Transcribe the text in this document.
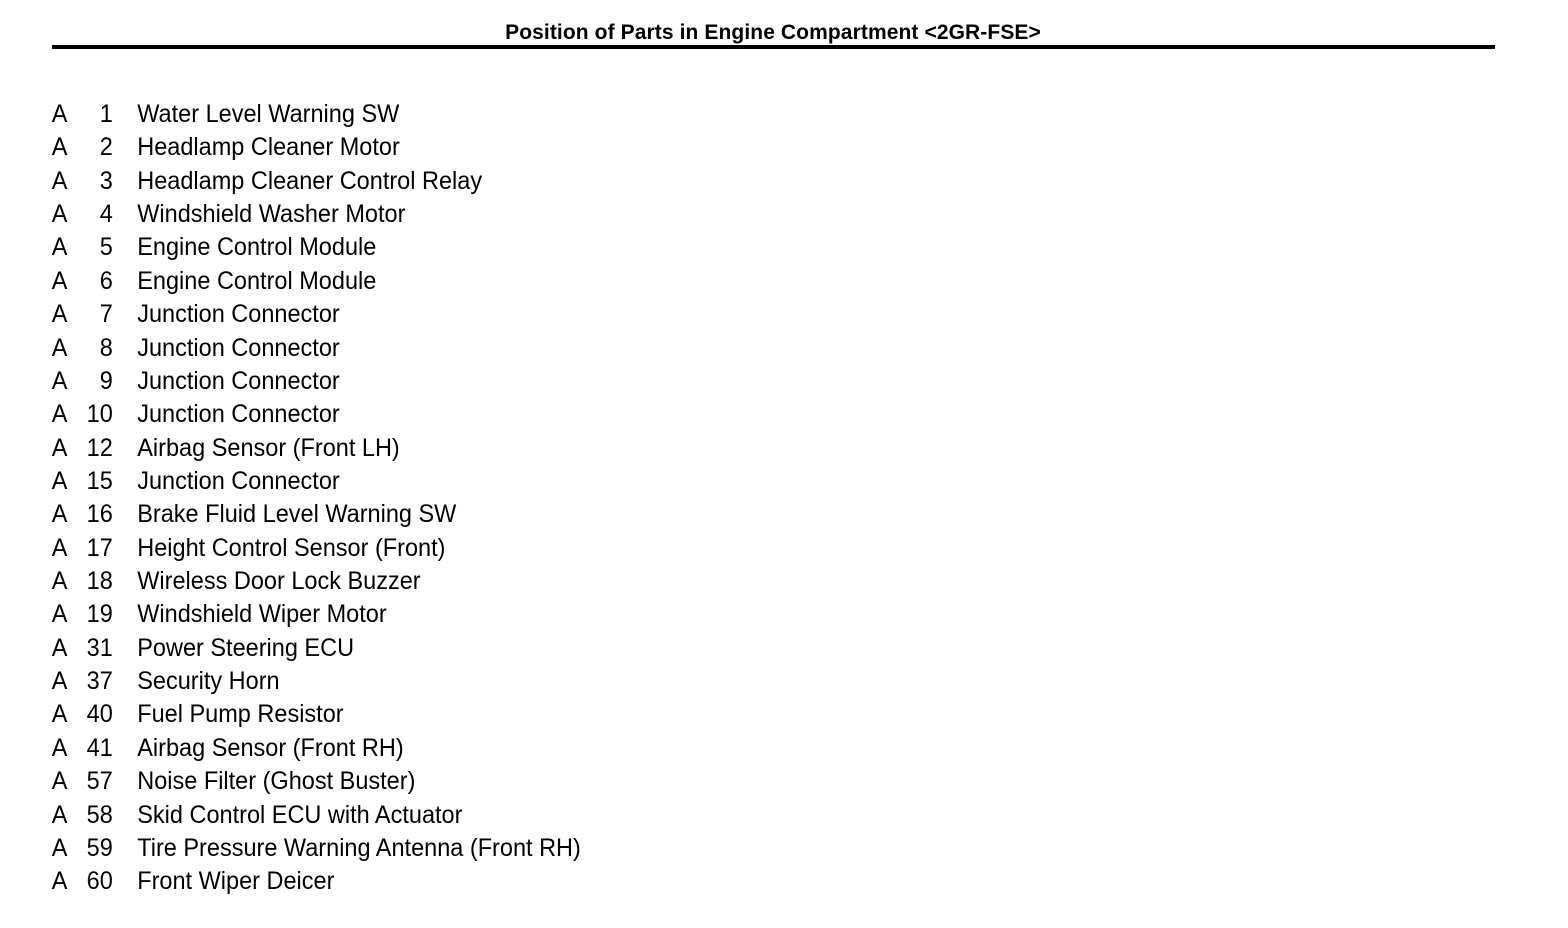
Position of Parts in Engine Compartment <2GR-FSE>
A	1 Water Level Warning SW
A	2 Headlamp Cleaner Motor
A	3 Headlamp Cleaner Control Relay
A	4 Windshield Washer Motor
A	5 Engine Control Module
A	6 Engine Control Module
A	7 Junction Connector
A	8 Junction Connector
A	9 Junction Connector
A 10 Junction Connector
A 12 Airbag Sensor (Front LH)
A 15 Junction Connector
A 16 Brake Fluid Level Warning SW
A 17 Height Control Sensor (Front)
A 18 Wireless Door Lock Buzzer
A 19 Windshield Wiper Motor
A 31 Power Steering ECU
A 37 Security Horn
A 40 Fuel Pump Resistor
A 41 Airbag Sensor (Front RH)
A 57 Noise Filter (Ghost Buster)
A 58 Skid Control ECU with Actuator
A 59 Tire Pressure Warning Antenna (Front RH)
A 60 Front Wiper Deicer
